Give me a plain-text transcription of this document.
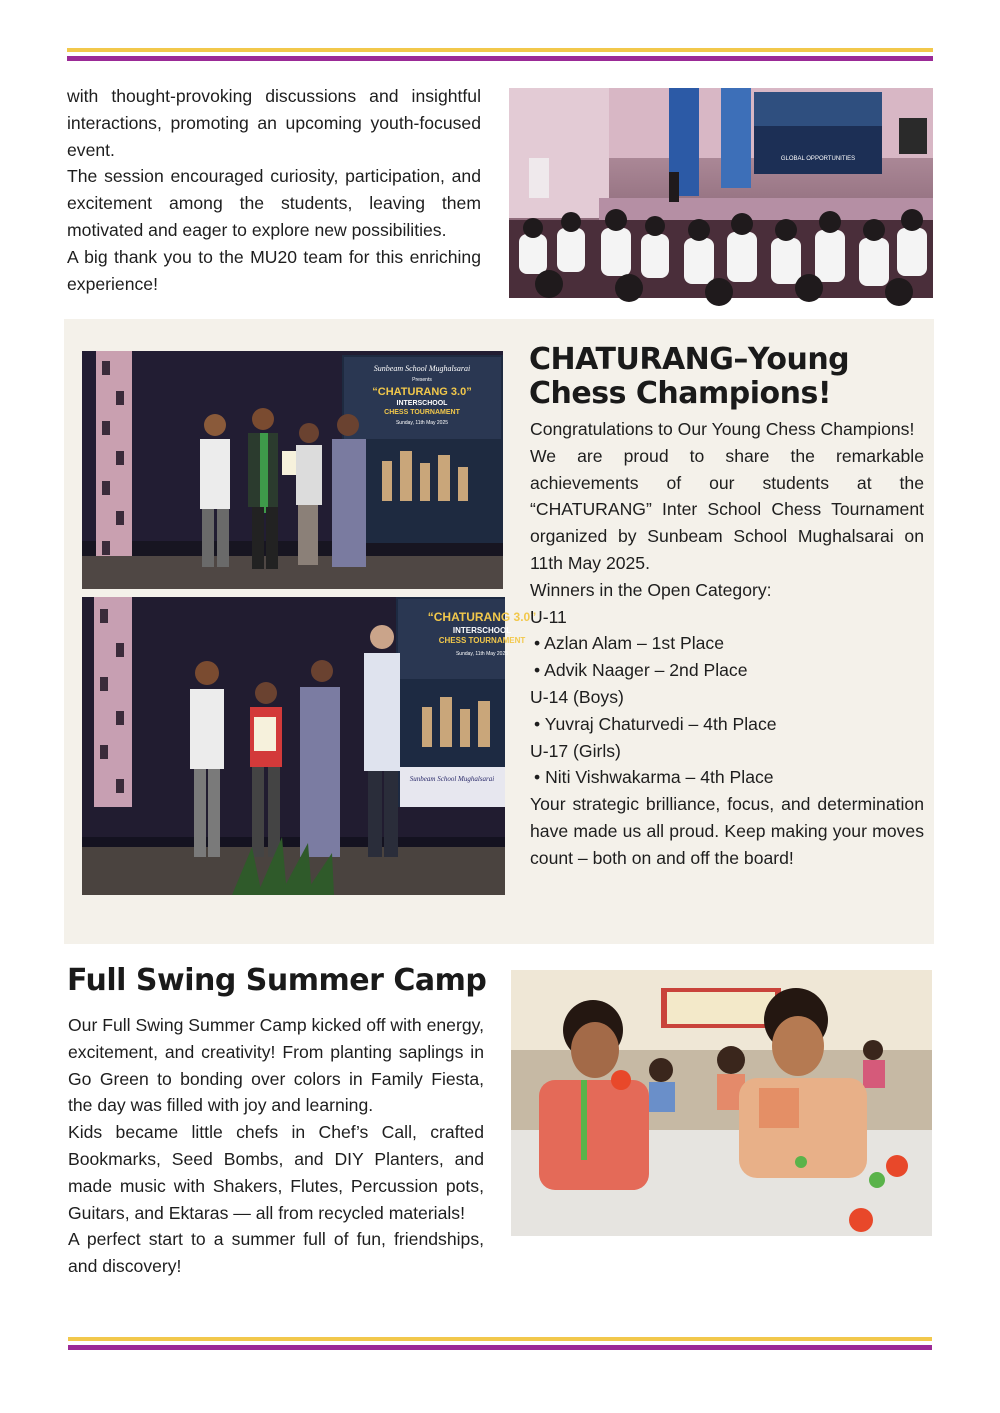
with thought-provoking discussions and insightful interactions, promoting an upcoming youth-focused event.

The session encouraged curiosity, participation, and excitement among the students, leaving them motivated and eager to explore new possibilities.

A big thank you to the MU20 team for this enriching experience!

GLOBAL OPPORTUNITIES
Sunbeam School Mughalsarai
Presents
“CHATURANG 3.0”
INTERSCHOOL
CHESS TOURNAMENT
Sunday, 11th May 2025
“CHATURANG 3.0”
INTERSCHOOL
CHESS TOURNAMENT
Sunday, 11th May 2025
Sunbeam School Mughalsarai
CHATURANG–Young Chess Champions!

Congratulations to Our Young Chess Champions!

We are proud to share the remarkable achievements of our students at the “CHATURANG” Inter School Chess Tournament organized by Sunbeam School Mughalsarai on 11th May 2025.

Winners in the Open Category:

U-11

• Azlan Alam – 1st Place
• Advik Naager – 2nd Place

U-14 (Boys)

• Yuvraj Chaturvedi – 4th Place

U-17 (Girls)

• Niti Vishwakarma – 4th Place

Your strategic brilliance, focus, and determination have made us all proud. Keep making your moves count – both on and off the board!

Full Swing Summer Camp

Our Full Swing Summer Camp kicked off with energy, excitement, and creativity! From planting saplings in Go Green to bonding over colors in Family Fiesta, the day was filled with joy and learning.

Kids became little chefs in Chef’s Call, crafted Bookmarks, Seed Bombs, and DIY Planters, and made music with Shakers, Flutes, Percussion pots, Guitars, and Ektaras — all from recycled materials!

A perfect start to a summer full of fun, friendships, and discovery!
